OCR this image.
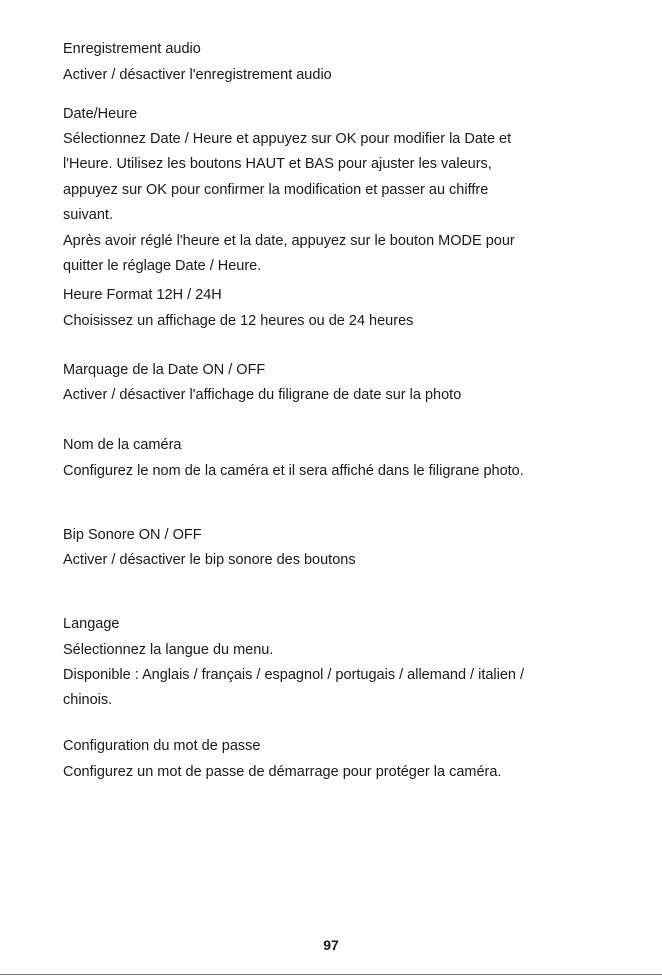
Enregistrement audio
Activer / désactiver l'enregistrement audio
Date/Heure
Sélectionnez Date / Heure et appuyez sur OK pour modifier la Date et
l'Heure. Utilisez les boutons HAUT et BAS pour ajuster les valeurs,
appuyez sur OK pour confirmer la modification et passer au chiffre
suivant.
Après avoir réglé l'heure et la date, appuyez sur le bouton MODE pour
quitter le réglage Date / Heure.
Heure Format 12H / 24H
Choisissez un affichage de 12 heures ou de 24 heures
Marquage de la Date ON / OFF
Activer / désactiver l'affichage du filigrane de date sur la photo
Nom de la caméra
Configurez le nom de la caméra et il sera affiché dans le filigrane photo.
Bip Sonore ON / OFF
Activer / désactiver le bip sonore des boutons
Langage
Sélectionnez la langue du menu.
Disponible : Anglais / français / espagnol / portugais / allemand / italien /
chinois.
Configuration du mot de passe
Configurez un mot de passe de démarrage pour protéger la caméra.
97
